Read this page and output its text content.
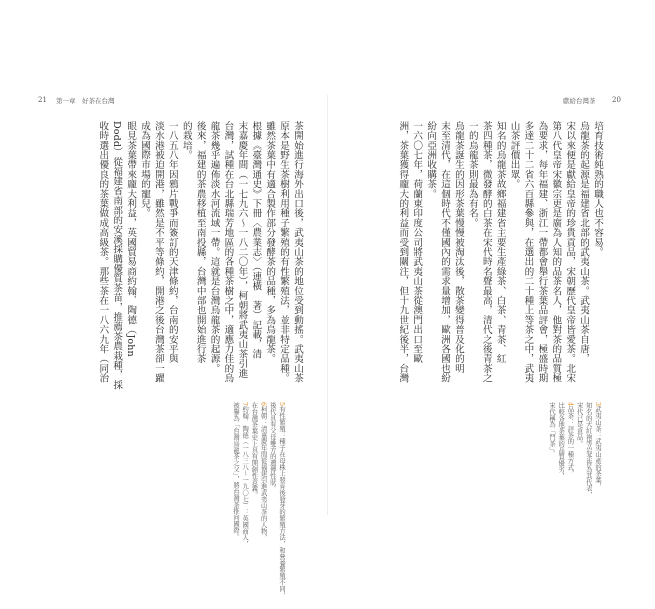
21 第一章　好茶在台灣
茶開始進行海外出口後，武夷山茶的地位受到動搖。武夷山茶
原本是野生茶樹利用種子繁殖的有性繁殖法，並非特定品種。
雖然茶葉中有適合製作部分發酵茶的品種，多為烏龍茶。
根據《臺灣通史》下冊〈農業志〉（連橫　著）記載，清
末嘉慶年間（一七九六～一八二〇年），柯朝將武夷山茶引進
台灣，試種在台北縣瑞芳地區的各種茶樹之中，適應力佳的烏
龍茶幾乎遍佈淡水河流域一帶。這就是台灣烏龍茶的起源。
後來，福建的茶農移植至南投縣，台灣中部也開始進行茶
的栽培。
一八五八年因鴉片戰爭而簽訂的天津條約，台南的安平與
淡水港被迫開港，雖然是不平等條約，開港之後台灣茶卻一躍
成為國際市場的寵兒。
眼見茶葉帶來龐大利益，英國貿易商約翰．陶德（John
Dodd）從福建省南部的安溪採購優質茶苗，推薦茶農栽種，採
收時選出優良的茶葉做成高級茶。那些茶在一八六九年（同治
5有性繁殖：種子在母株上發育後發芽的繁殖方法，和營養繁殖不同，
後代具有父母雙方的遺傳性狀。
6柯朝：清嘉慶年間從福建引進武夷山茶的人物，
在台灣茶葉史上具有開創性意義。
7約翰．陶德（一八三八～一九〇七）：英國商人，
被譽為「台灣烏龍茶之父」，將台灣茶推向國際。
獻給台灣茶 20
培育技術純熟的職人也不容易。
烏龍茶的起源是福建省北部的武夷山茶。武夷山茶自唐，
宋以來便是獻給皇帝的珍貴貢品，宋朝歷代皇帝皆愛茶。北宋
第八代皇帝宋徽宗更是廣為人知的品茶名人，他對茶的品質極
為要求，每年福建、浙江一帶都會舉行茶葉品評會，極盛時期
多達二十二省六百縣參與，在選出的二十種上等茶之中，武夷
山茶評價出眾。
知名的烏龍茶故鄉福建省主要生產綠茶、白茶、青茶、紅
茶四種茶，微發酵的白茶在宋代時名聲最高，清代之後青茶之
一的烏龍茶則最為有名。
烏龍茶誕生的因形茶葉慢慢被淘汰後，散茶變得普及化的明
末至清代，在這個時代不僅國內的需求量增加，歐洲各國也紛
紛向亞洲收購茶。
一六〇七年，荷蘭東印度公司將武夷山茶從澳門出口至歐
洲，茶葉獲得龐大的利益而受到關注，但十九世紀後半，台灣
3武夷山茶：武夷山產的茶葉，
知名的大紅袍等岩茶皆為其代表，
宋代已是貢品。
4品茶：評茶的一種方式，
比較各地茶葉的品質優劣，
宋代稱為「鬥茶」。
